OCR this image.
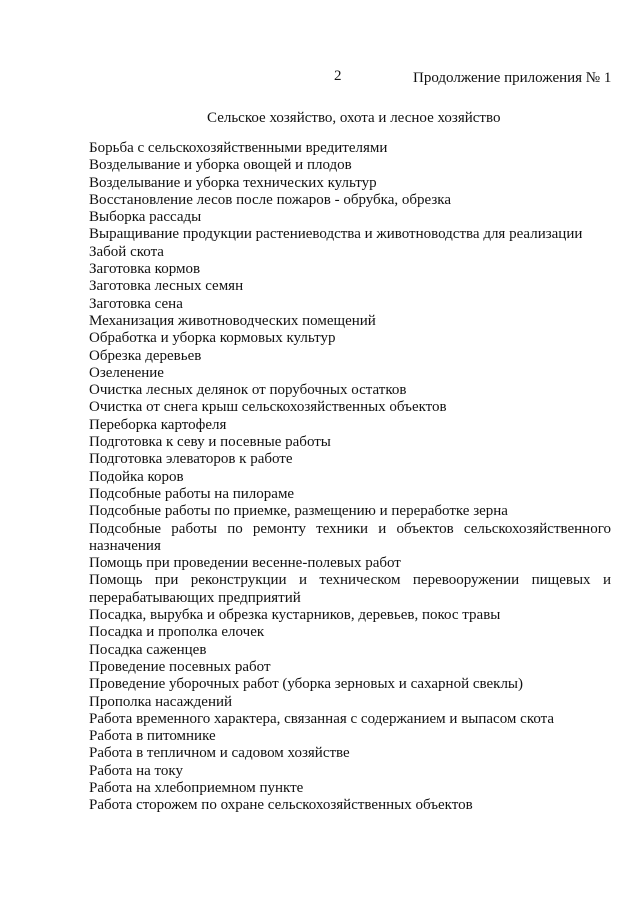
2	Продолжение приложения № 1
Сельское хозяйство, охота и лесное хозяйство
Борьба с сельскохозяйственными вредителями
Возделывание и уборка овощей и плодов
Возделывание и уборка технических культур
Восстановление лесов после пожаров - обрубка, обрезка
Выборка рассады
Выращивание продукции растениеводства и животноводства для реализации
Забой скота
Заготовка кормов
Заготовка лесных семян
Заготовка сена
Механизация животноводческих помещений
Обработка и уборка кормовых культур
Обрезка деревьев
Озеленение
Очистка лесных делянок от порубочных остатков
Очистка от снега крыш сельскохозяйственных объектов
Переборка картофеля
Подготовка к севу и посевные работы
Подготовка элеваторов к работе
Подойка коров
Подсобные работы на пилораме
Подсобные работы по приемке, размещению и переработке зерна
Подсобные работы по ремонту техники и объектов сельскохозяйственного
назначения
Помощь при проведении весенне-полевых работ
Помощь при реконструкции и техническом перевооружении пищевых и
перерабатывающих предприятий
Посадка, вырубка и обрезка кустарников, деревьев, покос травы
Посадка и прополка елочек
Посадка саженцев
Проведение посевных работ
Проведение уборочных работ (уборка зерновых и сахарной свеклы)
Прополка насаждений
Работа временного характера, связанная с содержанием и выпасом скота
Работа в питомнике
Работа в тепличном и садовом хозяйстве
Работа на току
Работа на хлебоприемном пункте
Работа сторожем по охране сельскохозяйственных объектов
